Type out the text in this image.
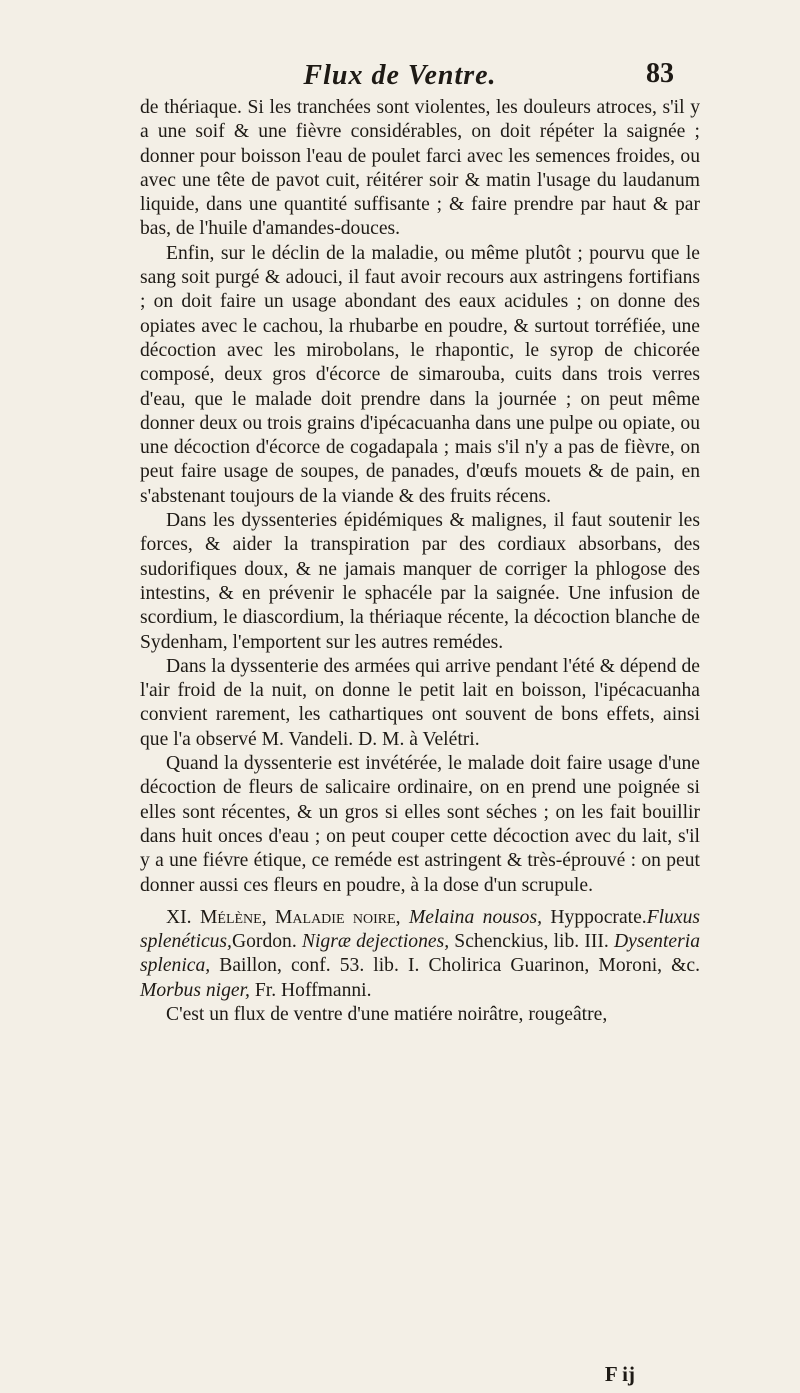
Flux de Ventre.	83

de thériaque. Si les tranchées sont violentes, les douleurs atroces, s'il y a une soif & une fièvre considérables, on doit répéter la saignée ; donner pour boisson l'eau de poulet farci avec les semences froides, ou avec une tête de pavot cuit, réitérer soir & matin l'usage du laudanum liquide, dans une quantité suffisante ; & faire prendre par haut & par bas, de l'huile d'amandes-douces.

Enfin, sur le déclin de la maladie, ou même plutôt ; pourvu que le sang soit purgé & adouci, il faut avoir recours aux astringens fortifians ; on doit faire un usage abondant des eaux acidules ; on donne des opiates avec le cachou, la rhubarbe en poudre, & surtout torréfiée, une décoction avec les mirobolans, le rhapontic, le syrop de chicorée composé, deux gros d'écorce de simarouba, cuits dans trois verres d'eau, que le malade doit prendre dans la journée ; on peut même donner deux ou trois grains d'ipécacuanha dans une pulpe ou opiate, ou une décoction d'écorce de cogadapala ; mais s'il n'y a pas de fièvre, on peut faire usage de soupes, de panades, d'œufs mouets & de pain, en s'abstenant toujours de la viande & des fruits récens.

Dans les dyssenteries épidémiques & malignes, il faut soutenir les forces, & aider la transpiration par des cordiaux absorbans, des sudorifiques doux, & ne jamais manquer de corriger la phlogose des intestins, & en prévenir le sphacéle par la saignée. Une infusion de scordium, le diascordium, la thériaque récente, la décoction blanche de Sydenham, l'emportent sur les autres remédes.

Dans la dyssenterie des armées qui arrive pendant l'été & dépend de l'air froid de la nuit, on donne le petit lait en boisson, l'ipécacuanha convient rarement, les cathartiques ont souvent de bons effets, ainsi que l'a observé M. Vandeli. D. M. à Velétri.

Quand la dyssenterie est invétérée, le malade doit faire usage d'une décoction de fleurs de salicaire ordinaire, on en prend une poignée si elles sont récentes, & un gros si elles sont séches ; on les fait bouillir dans huit onces d'eau ; on peut couper cette décoction avec du lait, s'il y a une fiévre étique, ce reméde est astringent & très-éprouvé : on peut donner aussi ces fleurs en poudre, à la dose d'un scrupule.

XI. Mélène, Maladie noire, Melaina nousos, Hyppocrate.Fluxus splenéticus,Gordon. Nigræ dejectiones, Schenckius, lib. III. Dysenteria splenica, Baillon, conf. 53. lib. I. Cholirica Guarinon, Moroni, &c. Morbus niger, Fr. Hoffmanni.

C'est un flux de ventre d'une matiére noirâtre, rougeâtre,

F ij
